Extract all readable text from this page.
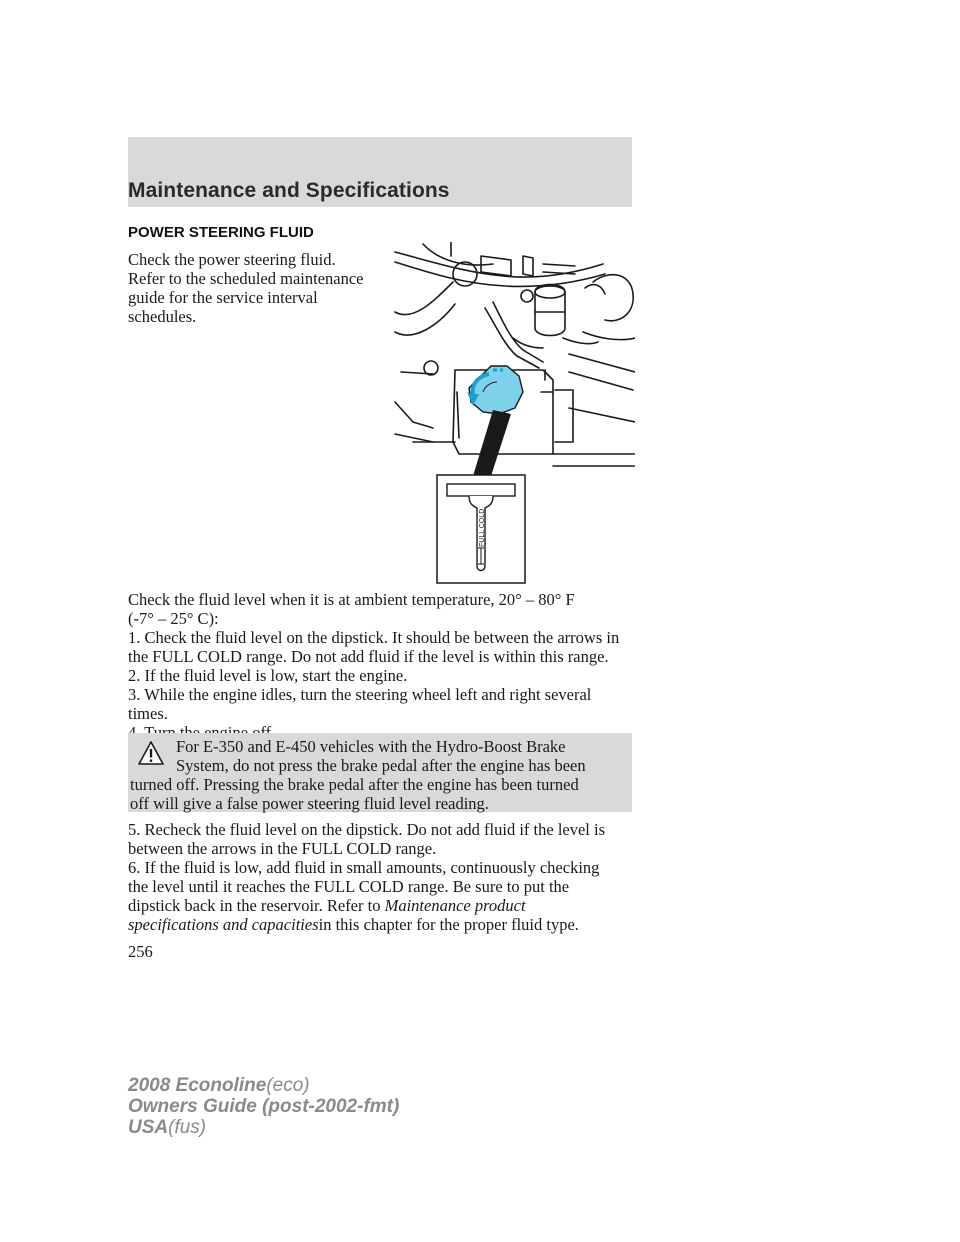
Maintenance and Specifications
POWER STEERING FLUID
Check the power steering fluid.
Refer to the scheduled maintenance
guide for the service interval
schedules.
FULL COLD

Check the fluid level when it is at ambient temperature, 20° – 80° F

(-7° – 25° C):

1. Check the fluid level on the dipstick. It should be between the arrows in

the FULL COLD range. Do not add fluid if the level is within this range.

2. If the fluid level is low, start the engine.

3. While the engine idles, turn the steering wheel left and right several

times.

For E-350 and E-450 vehicles with the Hydro-Boost Brake
System, do not press the brake pedal after the engine has been
turned off. Pressing the brake pedal after the engine has been turned
off will give a false power steering fluid level reading.

5. Recheck the fluid level on the dipstick. Do not add fluid if the level is

between the arrows in the FULL COLD range.

6. If the fluid is low, add fluid in small amounts, continuously checking

the level until it reaches the FULL COLD range. Be sure to put the

dipstick back in the reservoir. Refer to Maintenance product

specifications and capacitiesin this chapter for the proper fluid type.

256
2008 Econoline(eco)
Owners Guide (post-2002-fmt)
USA(fus)
